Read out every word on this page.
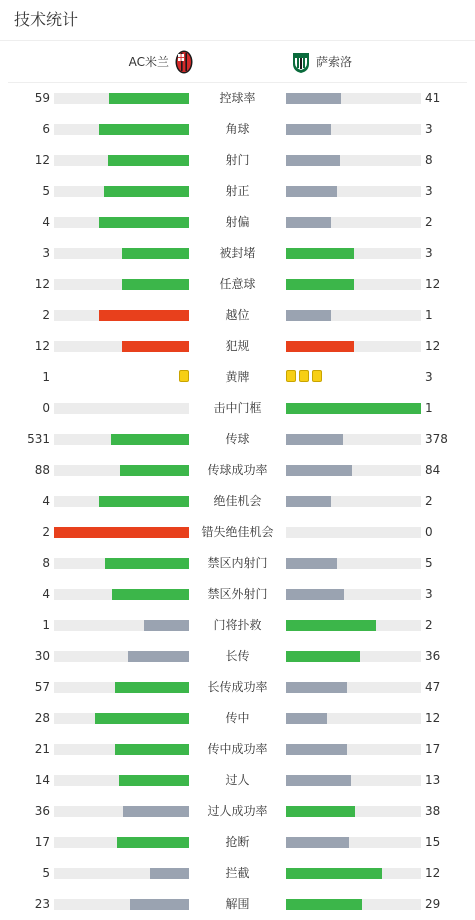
技术统计
AC米兰	萨索洛
59	控球率	41
6	角球	3
12	射门	8
5	射正	3
4	射偏	2
3	被封堵	3
12	任意球	12
2	越位	1
12	犯规	12
1	黄牌	3
0	击中门框	1
531	传球	378
88	传球成功率	84
4	绝佳机会	2
2	错失绝佳机会	0
8	禁区内射门	5
4	禁区外射门	3
1	门将扑救	2
30	长传	36
57	长传成功率	47
28	传中	12
21	传中成功率	17
14	过人	13
36	过人成功率	38
17	抢断	15
5	拦截	12
23	解围	29
